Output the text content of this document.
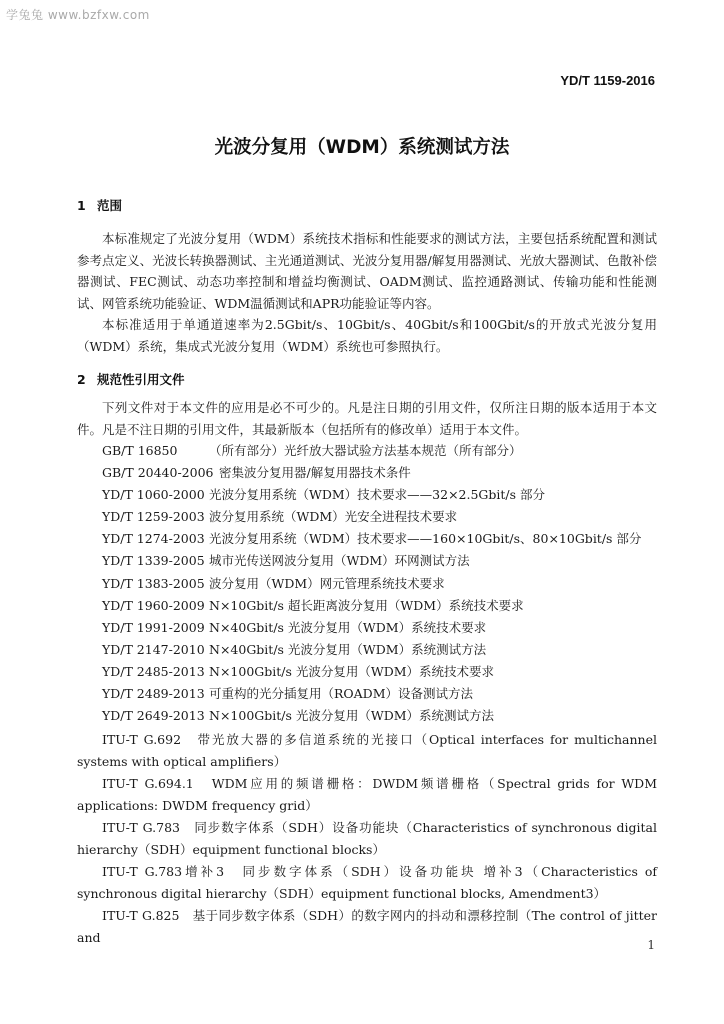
学兔兔 www.bzfxw.com
YD/T 1159-2016
光波分复用（WDM）系统测试方法
1 范围
本标准规定了光波分复用（WDM）系统技术指标和性能要求的测试方法，主要包括系统配置和测试参考点定义、光波长转换器测试、主光通道测试、光波分复用器/解复用器测试、光放大器测试、色散补偿器测试、FEC测试、动态功率控制和增益均衡测试、OADM测试、监控通路测试、传输功能和性能测试、网管系统功能验证、WDM温循测试和APR功能验证等内容。
本标准适用于单通道速率为2.5Gbit/s、10Gbit/s、40Gbit/s和100Gbit/s的开放式光波分复用（WDM）系统，集成式光波分复用（WDM）系统也可参照执行。
2 规范性引用文件
下列文件对于本文件的应用是必不可少的。凡是注日期的引用文件，仅所注日期的版本适用于本文件。凡是不注日期的引用文件，其最新版本（包括所有的修改单）适用于本文件。
GB/T 16850	（所有部分）光纤放大器试验方法基本规范（所有部分）
GB/T 20440-2006 密集波分复用器/解复用器技术条件
YD/T 1060-2000 光波分复用系统（WDM）技术要求——32×2.5Gbit/s 部分
YD/T 1259-2003 波分复用系统（WDM）光安全进程技术要求
YD/T 1274-2003 光波分复用系统（WDM）技术要求——160×10Gbit/s、80×10Gbit/s 部分
YD/T 1339-2005 城市光传送网波分复用（WDM）环网测试方法
YD/T 1383-2005 波分复用（WDM）网元管理系统技术要求
YD/T 1960-2009 N×10Gbit/s 超长距离波分复用（WDM）系统技术要求
YD/T 1991-2009 N×40Gbit/s 光波分复用（WDM）系统技术要求
YD/T 2147-2010 N×40Gbit/s 光波分复用（WDM）系统测试方法
YD/T 2485-2013 N×100Gbit/s 光波分复用（WDM）系统技术要求
YD/T 2489-2013 可重构的光分插复用（ROADM）设备测试方法
YD/T 2649-2013 N×100Gbit/s 光波分复用（WDM）系统测试方法
ITU-T G.692　带光放大器的多信道系统的光接口（Optical interfaces for multichannel systems with optical amplifiers）
ITU-T G.694.1　WDM应用的频谱栅格：DWDM频谱栅格（Spectral grids for WDM applications: DWDM frequency grid）
ITU-T G.783　同步数字体系（SDH）设备功能块（Characteristics of synchronous digital hierarchy（SDH）equipment functional blocks）
ITU-T G.783增补3　同步数字体系（SDH）设备功能块 增补3（Characteristics of synchronous digital hierarchy（SDH）equipment functional blocks, Amendment3）
ITU-T G.825　基于同步数字体系（SDH）的数字网内的抖动和漂移控制（The control of jitter and
1
